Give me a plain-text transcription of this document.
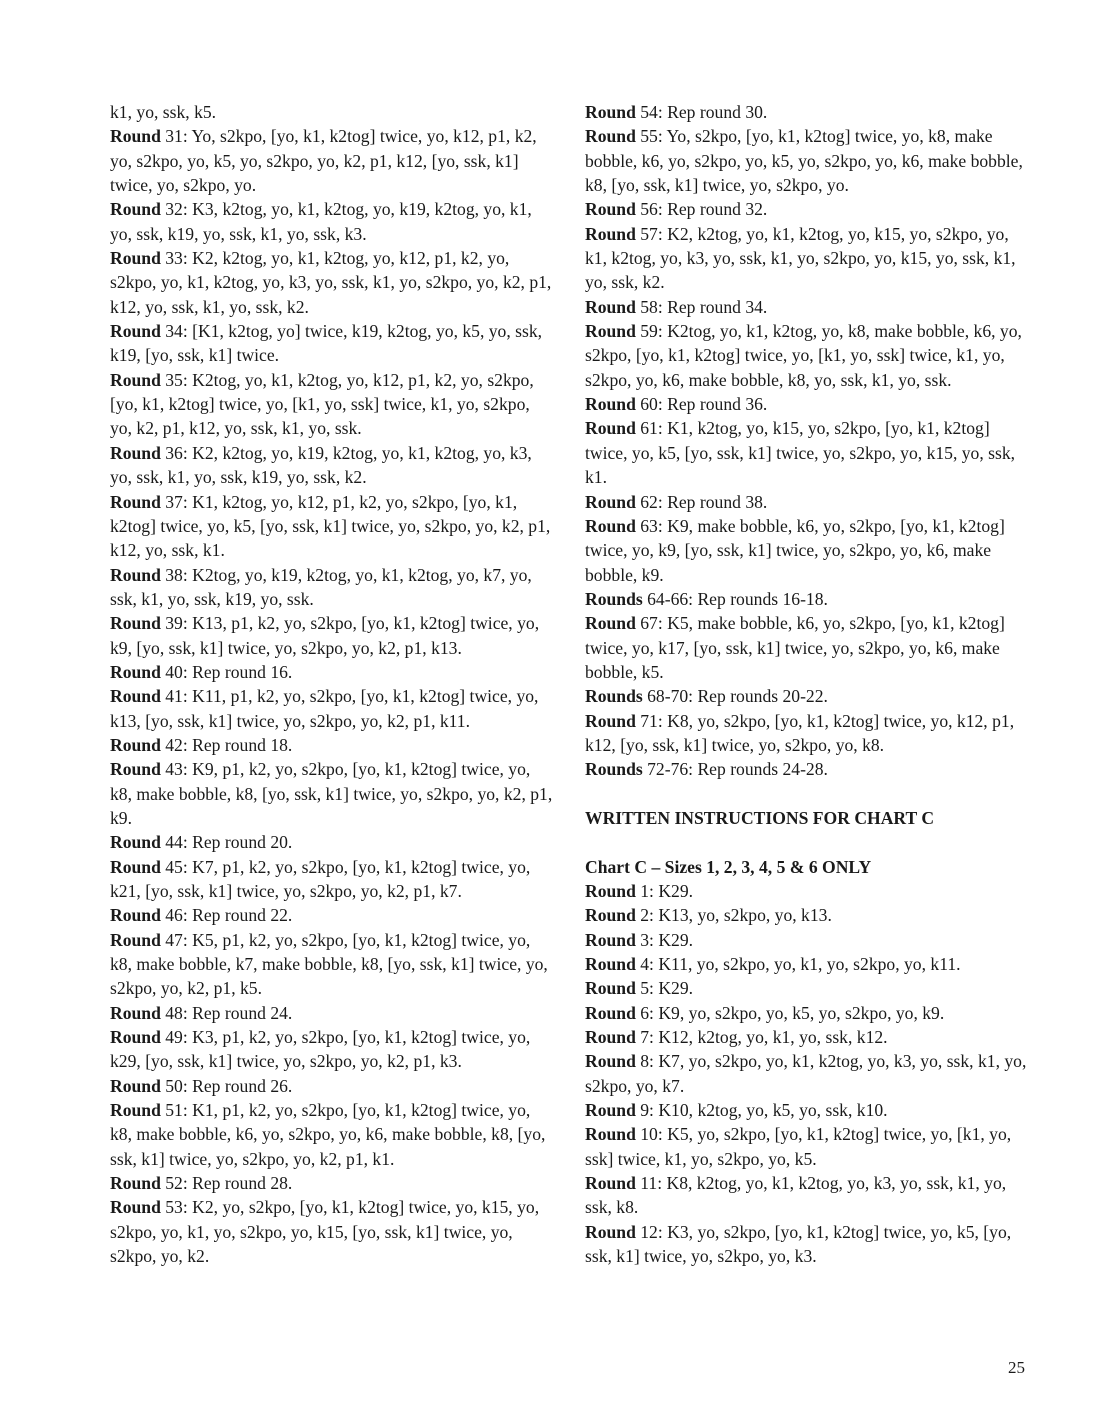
k1, yo, ssk, k5.

Round 31: Yo, s2kpo, [yo, k1, k2tog] twice, yo, k12, p1, k2, yo, s2kpo, yo, k5, yo, s2kpo, yo, k2, p1, k12, [yo, ssk, k1] twice, yo, s2kpo, yo.

Round 32: K3, k2tog, yo, k1, k2tog, yo, k19, k2tog, yo, k1, yo, ssk, k19, yo, ssk, k1, yo, ssk, k3.

Round 33: K2, k2tog, yo, k1, k2tog, yo, k12, p1, k2, yo, s2kpo, yo, k1, k2tog, yo, k3, yo, ssk, k1, yo, s2kpo, yo, k2, p1, k12, yo, ssk, k1, yo, ssk, k2.

Round 34: [K1, k2tog, yo] twice, k19, k2tog, yo, k5, yo, ssk, k19, [yo, ssk, k1] twice.

Round 35: K2tog, yo, k1, k2tog, yo, k12, p1, k2, yo, s2kpo, [yo, k1, k2tog] twice, yo, [k1, yo, ssk] twice, k1, yo, s2kpo, yo, k2, p1, k12, yo, ssk, k1, yo, ssk.

Round 36: K2, k2tog, yo, k19, k2tog, yo, k1, k2tog, yo, k3, yo, ssk, k1, yo, ssk, k19, yo, ssk, k2.

Round 37: K1, k2tog, yo, k12, p1, k2, yo, s2kpo, [yo, k1, k2tog] twice, yo, k5, [yo, ssk, k1] twice, yo, s2kpo, yo, k2, p1, k12, yo, ssk, k1.

Round 38: K2tog, yo, k19, k2tog, yo, k1, k2tog, yo, k7, yo, ssk, k1, yo, ssk, k19, yo, ssk.

Round 39: K13, p1, k2, yo, s2kpo, [yo, k1, k2tog] twice, yo, k9, [yo, ssk, k1] twice, yo, s2kpo, yo, k2, p1, k13.

Round 40: Rep round 16.

Round 41: K11, p1, k2, yo, s2kpo, [yo, k1, k2tog] twice, yo, k13, [yo, ssk, k1] twice, yo, s2kpo, yo, k2, p1, k11.

Round 42: Rep round 18.

Round 43: K9, p1, k2, yo, s2kpo, [yo, k1, k2tog] twice, yo, k8, make bobble, k8, [yo, ssk, k1] twice, yo, s2kpo, yo, k2, p1, k9.

Round 44: Rep round 20.

Round 45: K7, p1, k2, yo, s2kpo, [yo, k1, k2tog] twice, yo, k21, [yo, ssk, k1] twice, yo, s2kpo, yo, k2, p1, k7.

Round 46: Rep round 22.

Round 47: K5, p1, k2, yo, s2kpo, [yo, k1, k2tog] twice, yo, k8, make bobble, k7, make bobble, k8, [yo, ssk, k1] twice, yo, s2kpo, yo, k2, p1, k5.

Round 48: Rep round 24.

Round 49: K3, p1, k2, yo, s2kpo, [yo, k1, k2tog] twice, yo, k29, [yo, ssk, k1] twice, yo, s2kpo, yo, k2, p1, k3.

Round 50: Rep round 26.

Round 51: K1, p1, k2, yo, s2kpo, [yo, k1, k2tog] twice, yo, k8, make bobble, k6, yo, s2kpo, yo, k6, make bobble, k8, [yo, ssk, k1] twice, yo, s2kpo, yo, k2, p1, k1.

Round 52: Rep round 28.

Round 53: K2, yo, s2kpo, [yo, k1, k2tog] twice, yo, k15, yo, s2kpo, yo, k1, yo, s2kpo, yo, k15, [yo, ssk, k1] twice, yo, s2kpo, yo, k2.

Round 54: Rep round 30.

Round 55: Yo, s2kpo, [yo, k1, k2tog] twice, yo, k8, make bobble, k6, yo, s2kpo, yo, k5, yo, s2kpo, yo, k6, make bobble, k8, [yo, ssk, k1] twice, yo, s2kpo, yo.

Round 56: Rep round 32.

Round 57: K2, k2tog, yo, k1, k2tog, yo, k15, yo, s2kpo, yo, k1, k2tog, yo, k3, yo, ssk, k1, yo, s2kpo, yo, k15, yo, ssk, k1, yo, ssk, k2.

Round 58: Rep round 34.

Round 59: K2tog, yo, k1, k2tog, yo, k8, make bobble, k6, yo, s2kpo, [yo, k1, k2tog] twice, yo, [k1, yo, ssk] twice, k1, yo, s2kpo, yo, k6, make bobble, k8, yo, ssk, k1, yo, ssk.

Round 60: Rep round 36.

Round 61: K1, k2tog, yo, k15, yo, s2kpo, [yo, k1, k2tog] twice, yo, k5, [yo, ssk, k1] twice, yo, s2kpo, yo, k15, yo, ssk, k1.

Round 62: Rep round 38.

Round 63: K9, make bobble, k6, yo, s2kpo, [yo, k1, k2tog] twice, yo, k9, [yo, ssk, k1] twice, yo, s2kpo, yo, k6, make bobble, k9.

Rounds 64-66: Rep rounds 16-18.

Round 67: K5, make bobble, k6, yo, s2kpo, [yo, k1, k2tog] twice, yo, k17, [yo, ssk, k1] twice, yo, s2kpo, yo, k6, make bobble, k5.

Rounds 68-70: Rep rounds 20-22.

Round 71: K8, yo, s2kpo, [yo, k1, k2tog] twice, yo, k12, p1, k12, [yo, ssk, k1] twice, yo, s2kpo, yo, k8.

Rounds 72-76: Rep rounds 24-28.

WRITTEN INSTRUCTIONS FOR CHART C

Chart C – Sizes 1, 2, 3, 4, 5 & 6 ONLY

Round 1: K29.

Round 2: K13, yo, s2kpo, yo, k13.

Round 3: K29.

Round 4: K11, yo, s2kpo, yo, k1, yo, s2kpo, yo, k11.

Round 5: K29.

Round 6: K9, yo, s2kpo, yo, k5, yo, s2kpo, yo, k9.

Round 7: K12, k2tog, yo, k1, yo, ssk, k12.

Round 8: K7, yo, s2kpo, yo, k1, k2tog, yo, k3, yo, ssk, k1, yo, s2kpo, yo, k7.

Round 9: K10, k2tog, yo, k5, yo, ssk, k10.

Round 10: K5, yo, s2kpo, [yo, k1, k2tog] twice, yo, [k1, yo, ssk] twice, k1, yo, s2kpo, yo, k5.

Round 11: K8, k2tog, yo, k1, k2tog, yo, k3, yo, ssk, k1, yo, ssk, k8.

Round 12: K3, yo, s2kpo, [yo, k1, k2tog] twice, yo, k5, [yo, ssk, k1] twice, yo, s2kpo, yo, k3.

25
